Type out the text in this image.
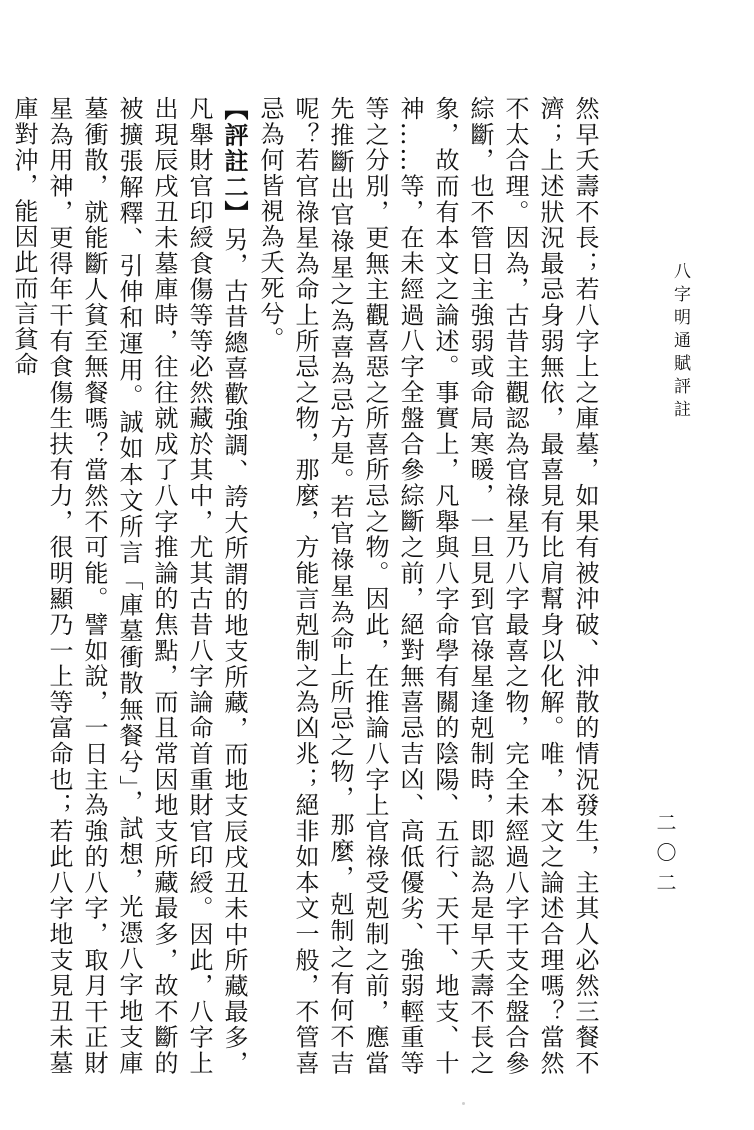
八字明通賦評註
二〇二

然早夭壽不長；若八字上之庫墓，如果有被沖破、沖散的情況發生，主其人必然三餐不濟；上述狀況最忌身弱無依，最喜見有比肩幫身以化解。唯，本文之論述合理嗎？當然不太合理。因為，古昔主觀認為官祿星乃八字最喜之物，完全未經過八字干支全盤合參綜斷，也不管日主強弱或命局寒暖，一旦見到官祿星逢剋制時，即認為是早夭壽不長之象，故而有本文之論述。事實上，凡舉與八字命學有關的陰陽、五行、天干、地支、十神……等，在未經過八字全盤合參綜斷之前，絕對無喜忌吉凶、高低優劣、強弱輕重等等之分別，更無主觀喜惡之所喜所忌之物。因此，在推論八字上官祿受剋制之前，應當先推斷出官祿星之為喜為忌方是。若官祿星為命上所忌之物，那麼，剋制之有何不吉呢？若官祿星為命上所忌之物，那麼，方能言剋制之為凶兆；絕非如本文一般，不管喜忌為何皆視為夭死兮。

【評註二】另，古昔總喜歡強調、誇大所謂的地支所藏，而地支辰戌丑未中所藏最多，凡舉財官印綬食傷等等必然藏於其中，尤其古昔八字論命首重財官印綬。因此，八字上出現辰戌丑未墓庫時，往往就成了八字推論的焦點，而且常因地支所藏最多，故不斷的被擴張解釋、引伸和運用。誠如本文所言「庫墓衝散無餐兮」，試想，光憑八字地支庫墓衝散，就能斷人貧至無餐嗎？當然不可能。譬如說，一日主為強的八字，取月干正財星為用神，更得年干有食傷生扶有力，很明顯乃一上等富命也；若此八字地支見丑未墓庫對沖，能因此而言貧命
